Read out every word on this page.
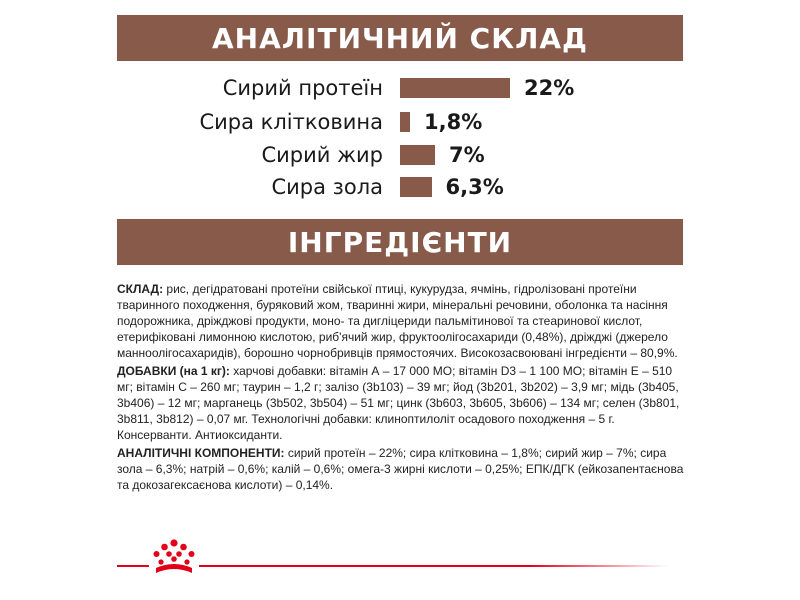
АНАЛІТИЧНИЙ СКЛАД
Сирий протеїн	22%
Сира клітковина 1,8%
Сирий жир	7%
Сира зола	6,3%
ІНГРЕДІЄНТИ

СКЛАД: рис, дегідратовані протеїни свійської птиці, кукурудза, ячмінь, гідролізовані протеїни тваринного походження, буряковий жом, тваринні жири, мінеральні речовини, оболонка та насіння подорожника, дріжджові продукти, моно- та дигліцериди пальмітинової та стеаринової кислот, етерифіковані лимонною кислотою, риб'ячий жир, фруктоолігосахариди (0,48%), дріжджі (джерело манноолігосахаридів), борошно чорнобривців прямостоячих. Високозасвоювані інгредієнти – 80,9%.

ДОБАВКИ (на 1 кг): харчові добавки: вітамін А – 17 000 МО; вітамін D3 – 1 100 МО; вітамін Е – 510 мг; вітамін С – 260 мг; таурин – 1,2 г; залізо (3b103) – 39 мг; йод (3b201, 3b202) – 3,9 мг; мідь (3b405, 3b406) – 12 мг; марганець (3b502, 3b504) – 51 мг; цинк (3b603, 3b605, 3b606) – 134 мг; селен (3b801, 3b811, 3b812) – 0,07 мг. Технологічні добавки: клиноптилоліт осадового походження – 5 г. Консерванти. Антиоксиданти.

АНАЛІТИЧНІ КОМПОНЕНТИ: сирий протеїн – 22%; сира клітковина – 1,8%; сирий жир – 7%; сира зола – 6,3%; натрій – 0,6%; калій – 0,6%; омега-3 жирні кислоти – 0,25%; ЕПК/ДГК (ейкозапентаєнова та докозагексаєнова кислоти) – 0,14%.
